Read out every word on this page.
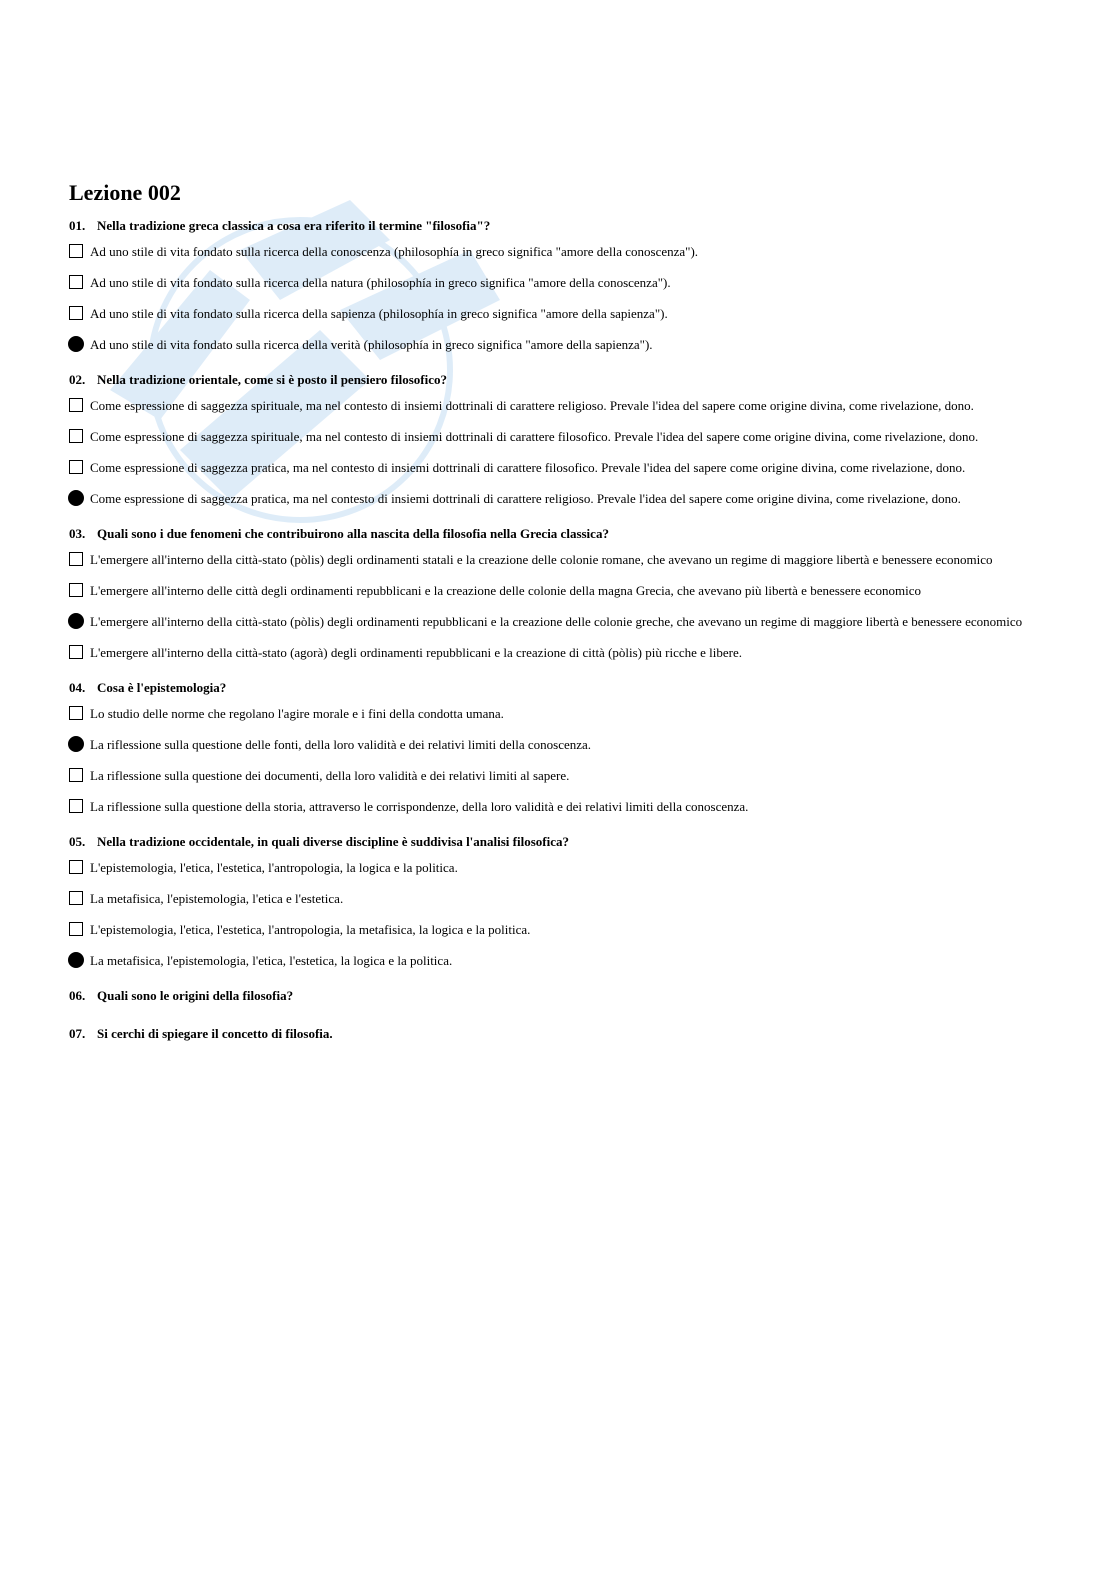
Lezione 002
01. Nella tradizione greca classica a cosa era riferito il termine "filosofia"?
Ad uno stile di vita fondato sulla ricerca della conoscenza (philosophía in greco significa "amore della conoscenza").
Ad uno stile di vita fondato sulla ricerca della natura (philosophía in greco significa "amore della conoscenza").
Ad uno stile di vita fondato sulla ricerca della sapienza (philosophía in greco significa "amore della sapienza").
Ad uno stile di vita fondato sulla ricerca della verità (philosophía in greco significa "amore della sapienza").
02. Nella tradizione orientale, come si è posto il pensiero filosofico?
Come espressione di saggezza spirituale, ma nel contesto di insiemi dottrinali di carattere religioso. Prevale l'idea del sapere come origine divina, come rivelazione, dono.
Come espressione di saggezza spirituale, ma nel contesto di insiemi dottrinali di carattere filosofico. Prevale l'idea del sapere come origine divina, come rivelazione, dono.
Come espressione di saggezza pratica, ma nel contesto di insiemi dottrinali di carattere filosofico. Prevale l'idea del sapere come origine divina, come rivelazione, dono.
Come espressione di saggezza pratica, ma nel contesto di insiemi dottrinali di carattere religioso. Prevale l'idea del sapere come origine divina, come rivelazione, dono.
03. Quali sono i due fenomeni che contribuirono alla nascita della filosofia nella Grecia classica?
L'emergere all'interno della città-stato (pòlis) degli ordinamenti statali e la creazione delle colonie romane, che avevano un regime di maggiore libertà e benessere economico
L'emergere all'interno delle città degli ordinamenti repubblicani e la creazione delle colonie della magna Grecia, che avevano più libertà e benessere economico
L'emergere all'interno della città-stato (pòlis) degli ordinamenti repubblicani e la creazione delle colonie greche, che avevano un regime di maggiore libertà e benessere economico
L'emergere all'interno della città-stato (agorà) degli ordinamenti repubblicani e la creazione di città (pòlis) più ricche e libere.
04. Cosa è l'epistemologia?
Lo studio delle norme che regolano l'agire morale e i fini della condotta umana.
La riflessione sulla questione delle fonti, della loro validità e dei relativi limiti della conoscenza.
La riflessione sulla questione dei documenti, della loro validità e dei relativi limiti al sapere.
La riflessione sulla questione della storia, attraverso le corrispondenze, della loro validità e dei relativi limiti della conoscenza.
05. Nella tradizione occidentale, in quali diverse discipline è suddivisa l'analisi filosofica?
L'epistemologia, l'etica, l'estetica, l'antropologia, la logica e la politica.
La metafisica, l'epistemologia, l'etica e l'estetica.
L'epistemologia, l'etica, l'estetica, l'antropologia, la metafisica, la logica e la politica.
La metafisica, l'epistemologia, l'etica, l'estetica, la logica e la politica.
06. Quali sono le origini della filosofia?
07. Si cerchi di spiegare il concetto di filosofia.
